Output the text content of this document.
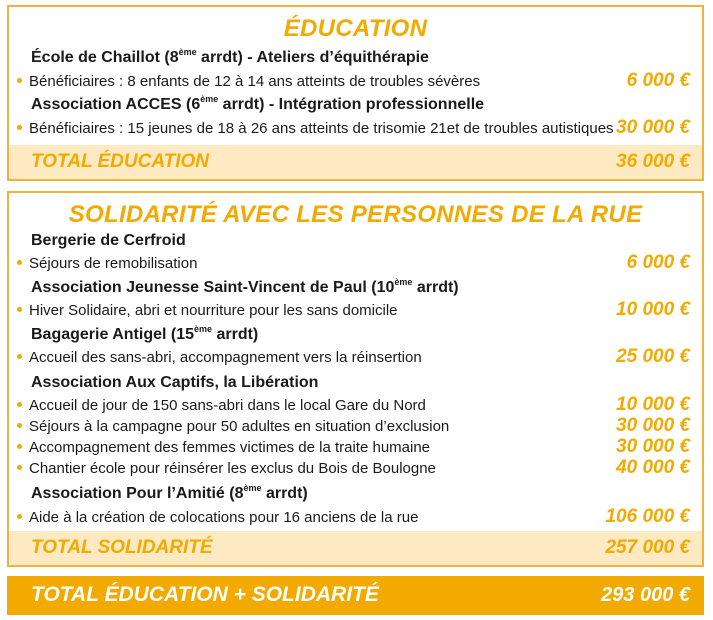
ÉDUCATION
École de Chaillot (8ème arrdt) - Ateliers d’équithérapie
Bénéficiaires : 8 enfants de 12 à 14 ans atteints de troubles sévères	6 000 €
Association ACCES (6ème arrdt) - Intégration professionnelle
Bénéficiaires : 15 jeunes de 18 à 26 ans atteints de trisomie 21et de troubles autistiques 30 000 €
TOTAL ÉDUCATION	36 000 €
SOLIDARITÉ AVEC LES PERSONNES DE LA RUE
Bergerie de Cerfroid
Séjours de remobilisation	6 000 €
Association Jeunesse Saint-Vincent de Paul (10ème arrdt)
Hiver Solidaire, abri et nourriture pour les sans domicile	10 000 €
Bagagerie Antigel (15ème arrdt)
Accueil des sans-abri, accompagnement vers la réinsertion	25 000 €
Association Aux Captifs, la Libération
Accueil de jour de 150 sans-abri dans le local Gare du Nord	10 000 €
Séjours à la campagne pour 50 adultes en situation d’exclusion	30 000 €
Accompagnement des femmes victimes de la traite humaine	30 000 €
Chantier école pour réinsérer les exclus du Bois de Boulogne	40 000 €
Association Pour l’Amitié (8ème arrdt)
Aide à la création de colocations pour 16 anciens de la rue	106 000 €
TOTAL SOLIDARITÉ	257 000 €
TOTAL ÉDUCATION + SOLIDARITÉ	293 000 €
